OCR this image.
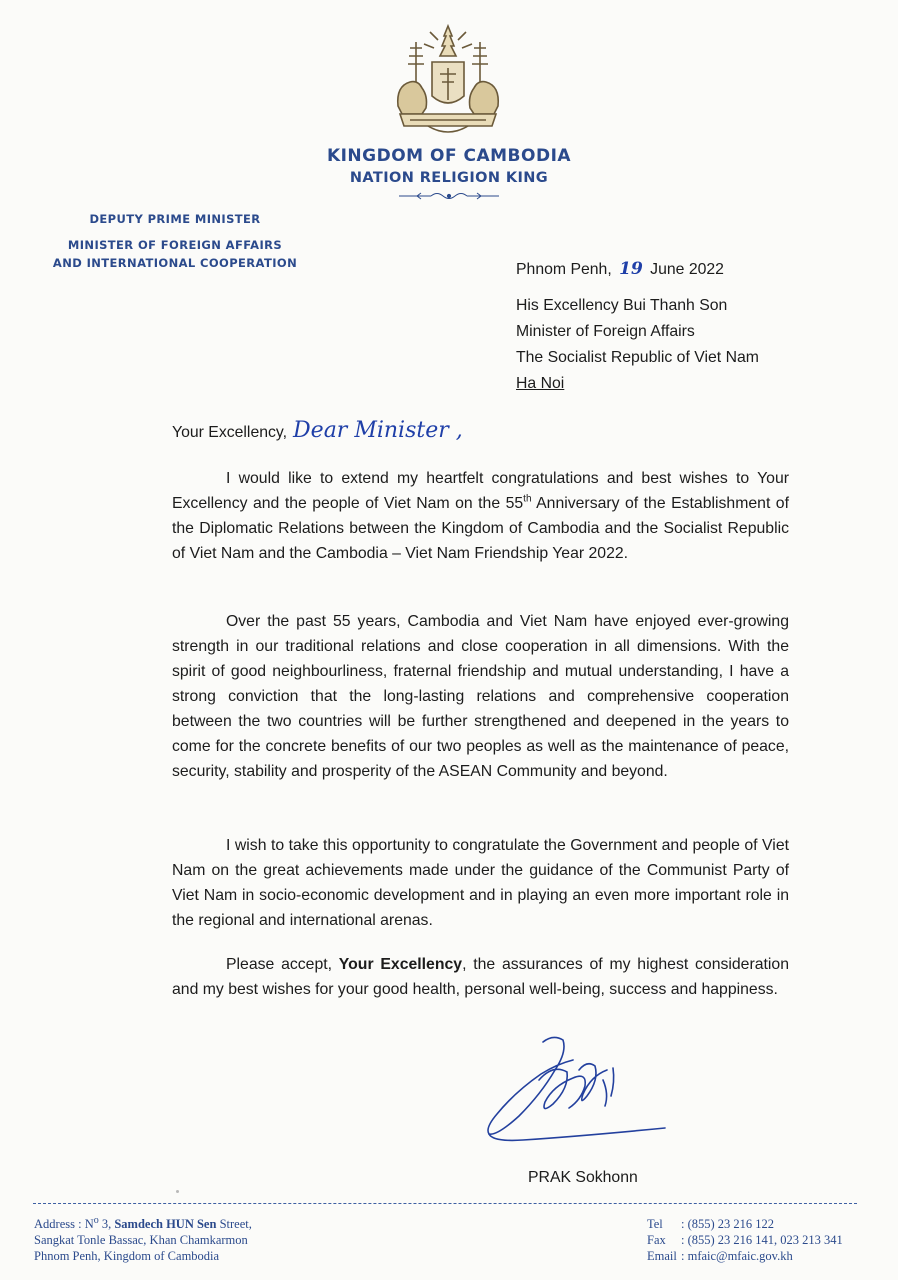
KINGDOM OF CAMBODIA
NATION RELIGION KING
DEPUTY PRIME MINISTER
MINISTER OF FOREIGN AFFAIRS
AND INTERNATIONAL COOPERATION	Phnom Penh, 19 June 2022
His Excellency Bui Thanh Son
Minister of Foreign Affairs
The Socialist Republic of Viet Nam
Ha Noi
Your Excellency, Dear Minister ,
I would like to extend my heartfelt congratulations and best wishes to Your Excellency and the people of Viet Nam on the 55th Anniversary of the Establishment of the Diplomatic Relations between the Kingdom of Cambodia and the Socialist Republic of Viet Nam and the Cambodia – Viet Nam Friendship Year 2022.
Over the past 55 years, Cambodia and Viet Nam have enjoyed ever-growing strength in our traditional relations and close cooperation in all dimensions. With the spirit of good neighbourliness, fraternal friendship and mutual understanding, I have a strong conviction that the long-lasting relations and comprehensive cooperation between the two countries will be further strengthened and deepened in the years to come for the concrete benefits of our two peoples as well as the maintenance of peace, security, stability and prosperity of the ASEAN Community and beyond.
I wish to take this opportunity to congratulate the Government and people of Viet Nam on the great achievements made under the guidance of the Communist Party of Viet Nam in socio-economic development and in playing an even more important role in the regional and international arenas.
Please accept, Your Excellency, the assurances of my highest consideration and my best wishes for your good health, personal well-being, success and happiness.
PRAK Sokhonn
Address : $N^o$ 3, Samdech HUN Sen Street,
Sangkat Tonle Bassac, Khan Chamkarmon
Phnom Penh, Kingdom of Cambodia
Tel : (855) 23 216 122
Fax : (855) 23 216 141, 023 213 341
Email : mfaic@mfaic.gov.kh
